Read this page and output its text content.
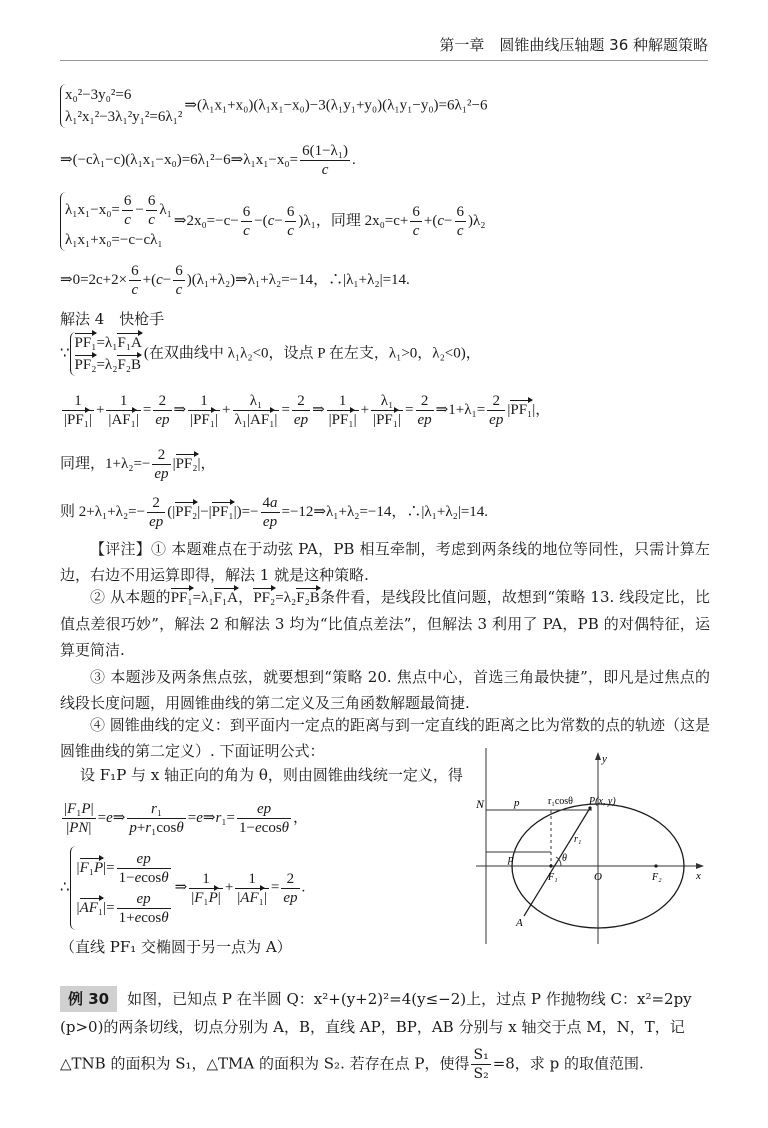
第一章　圆锥曲线压轴题 36 种解题策略
x₀²−3y₀²=6
λ₁²x₁²−3λ₁²y₁²=6λ₁²
⇒(λ₁x₁+x₀)(λ₁x₁−x₀)−3(λ₁y₁+y₀)(λ₁y₁−y₀)=6λ₁²−6
⇒(−cλ₁−c)(λ₁x₁−x₀)=6λ₁²−6⇒λ₁x₁−x₀= $\frac{\text{6(1−λ₁)}}{c}$ .
$\lambda_1x_1-x_0= \frac{6}{c} - \frac{6}{c} \lambda_1$
λ₁x₁+x₀=−c−cλ₁
⇒2x₀=−c− $\frac{6}{c} -(c- \frac{6}{c} )\lambda_1$，同理 $2x_0=c+ \frac{6}{c} +(c- \frac{6}{c} )\lambda_2$
⇒0=2c+2× $\frac{6}{c} +(c- \frac{6}{c}$ )(λ₁+λ₂)⇒λ₁+λ₂=−14，∴|λ₁+λ₂|=14.
解法 4　快枪手
∵
PF₁=λ₁F₁A
PF₂=λ₂F₂B
(在双曲线中 λ₁λ₂<0，设点 P 在左支，λ₁>0，λ₂<0)，
$\frac{1}{\text{|PF₁|}} + \frac{1}{\text{|AF₁|}} = \frac{2}{ep}$ ⇒ $\frac{1}{\text{|PF₁|}} + \frac{\text{λ₁}}{\text{λ₁|AF₁|}} = \frac{2}{ep}$ ⇒ $\frac{1}{\text{|PF₁|}} + \frac{\text{λ₁}}{\text{|PF₁|}} = \frac{2}{ep}$ ⇒1+λ₁= $\frac{2}{ep} |PF_1|$，
同理，$1+\lambda_2=- \frac{2}{ep} |PF_2|$，
则 $2+\lambda_1+\lambda_2=- \frac{2}{ep} (|PF_2|-|PF_1|)=- \frac{4a}{ep}$ =−12⇒λ₁+λ₂=−14，∴|λ₁+λ₂|=14.
【评注】① 本题难点在于动弦 PA，PB 相互牵制，考虑到两条线的地位等同性，只需计算左边，右边不用运算即得，解法 1 就是这种策略.
② 从本题的PF₁=λ₁F₁A，PF₂=λ₂F₂B条件看，是线段比值问题，故想到“策略 13. 线段定比，比值点差很巧妙”，解法 2 和解法 3 均为“比值点差法”，但解法 3 利用了 PA，PB 的对偶特征，运算更简洁.
③ 本题涉及两条焦点弦，就要想到“策略 20. 焦点中心，首选三角最快捷”，即凡是过焦点的线段长度问题，用圆锥曲线的第二定义及三角函数解题最简捷.
④ 圆锥曲线的定义：到平面内一定点的距离与到一定直线的距离之比为常数的点的轨迹（这是圆锥曲线的第二定义）. 下面证明公式：
设 F₁P 与 x 轴正向的角为 θ，则由圆锥曲线统一定义，得
$\frac{\text{|F₁P|}}{|PN|}$ =e⇒ $\frac{\text{r₁}}{\text{p+r₁cosθ}}$ =e⇒r₁= $\frac{ep}{1-ecos\theta}$ ，
∴
$|F_1P|= \frac{ep}{1-ecos\theta}$
$|AF_1|= \frac{ep}{1+ecos\theta}$
⇒ $\frac{1}{\text{|F₁P|}} + \frac{1}{\text{|AF₁|}} = \frac{2}{ep}$ .
（直线 PF₁ 交椭圆于另一点为 A）
N	p	r₁cosθ P(x, y)
r₁
p	θ
F₁	O	F₂	x
y
A
例 30 如图，已知点 P 在半圆 Q：x²+(y+2)²=4(y≤−2)上，过点 P 作抛物线 C：x²=2py
(p>0)的两条切线，切点分别为 A，B，直线 AP，BP，AB 分别与 x 轴交于点 M，N，T，记
△TNB 的面积为 S₁，△TMA 的面积为 S₂. 若存在点 P，使得 $\frac{\text{S₁}}{\text{S₂}} =8$，求 p 的取值范围.
